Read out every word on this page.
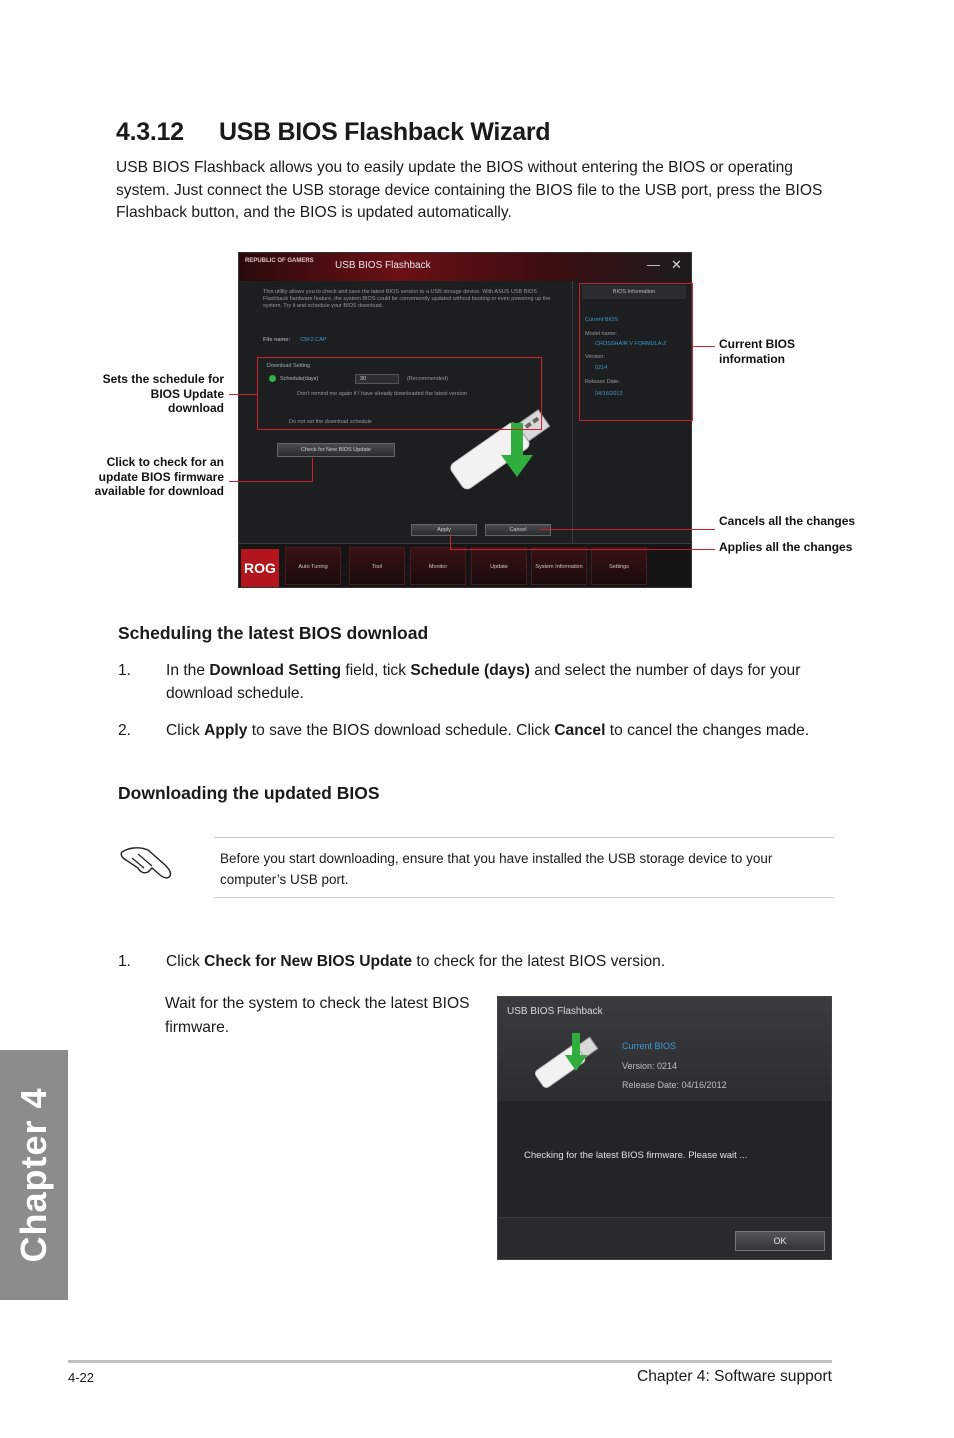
4.3.12 USB BIOS Flashback Wizard
USB BIOS Flashback allows you to easily update the BIOS without entering the BIOS or operating system. Just connect the USB storage device containing the BIOS file to the USB port, press the BIOS Flashback button, and the BIOS is updated automatically.
REPUBLIC OF GAMERS	USB BIOS Flashback	— ✕
This utility allows you to check and save the latest BIOS version to a USB storage device. With ASUS USB BIOS Flashback hardware feature, the system BIOS could be conveniently updated without booting or even powering up the system. Try it and schedule your BIOS download.
File name: C5F2.CAP
Download Setting
Schedule(days)	30	(Recommended)
Don't remind me again if I have already downloaded the latest version
Do not set the download schedule
Check for New BIOS Update
Apply	Cancel
BIOS Information
Current BIOS
Model name:
CROSSHAIR V FORMULA-Z
Version:
0214
Release Date:
04/16/2013
ROG	Auto Tuning	Tool	Monitor	Update	System Information	Settings
Sets the schedule for BIOS Update download
Click to check for an update BIOS firmware available for download
Current BIOS information
Cancels all the changes
Applies all the changes
Scheduling the latest BIOS download
1. In the Download Setting field, tick Schedule (days) and select the number of days for your download schedule.
2. Click Apply to save the BIOS download schedule. Click Cancel to cancel the changes made.
Downloading the updated BIOS
Before you start downloading, ensure that you have installed the USB storage device to your computer’s USB port.
1. Click Check for New BIOS Update to check for the latest BIOS version.
Wait for the system to check the latest BIOS firmware.
USB BIOS Flashback
Current BIOS
Version: 0214
Release Date: 04/16/2012
Checking for the latest BIOS firmware. Please wait ...
OK
Chapter 4
4-22	Chapter 4: Software support
